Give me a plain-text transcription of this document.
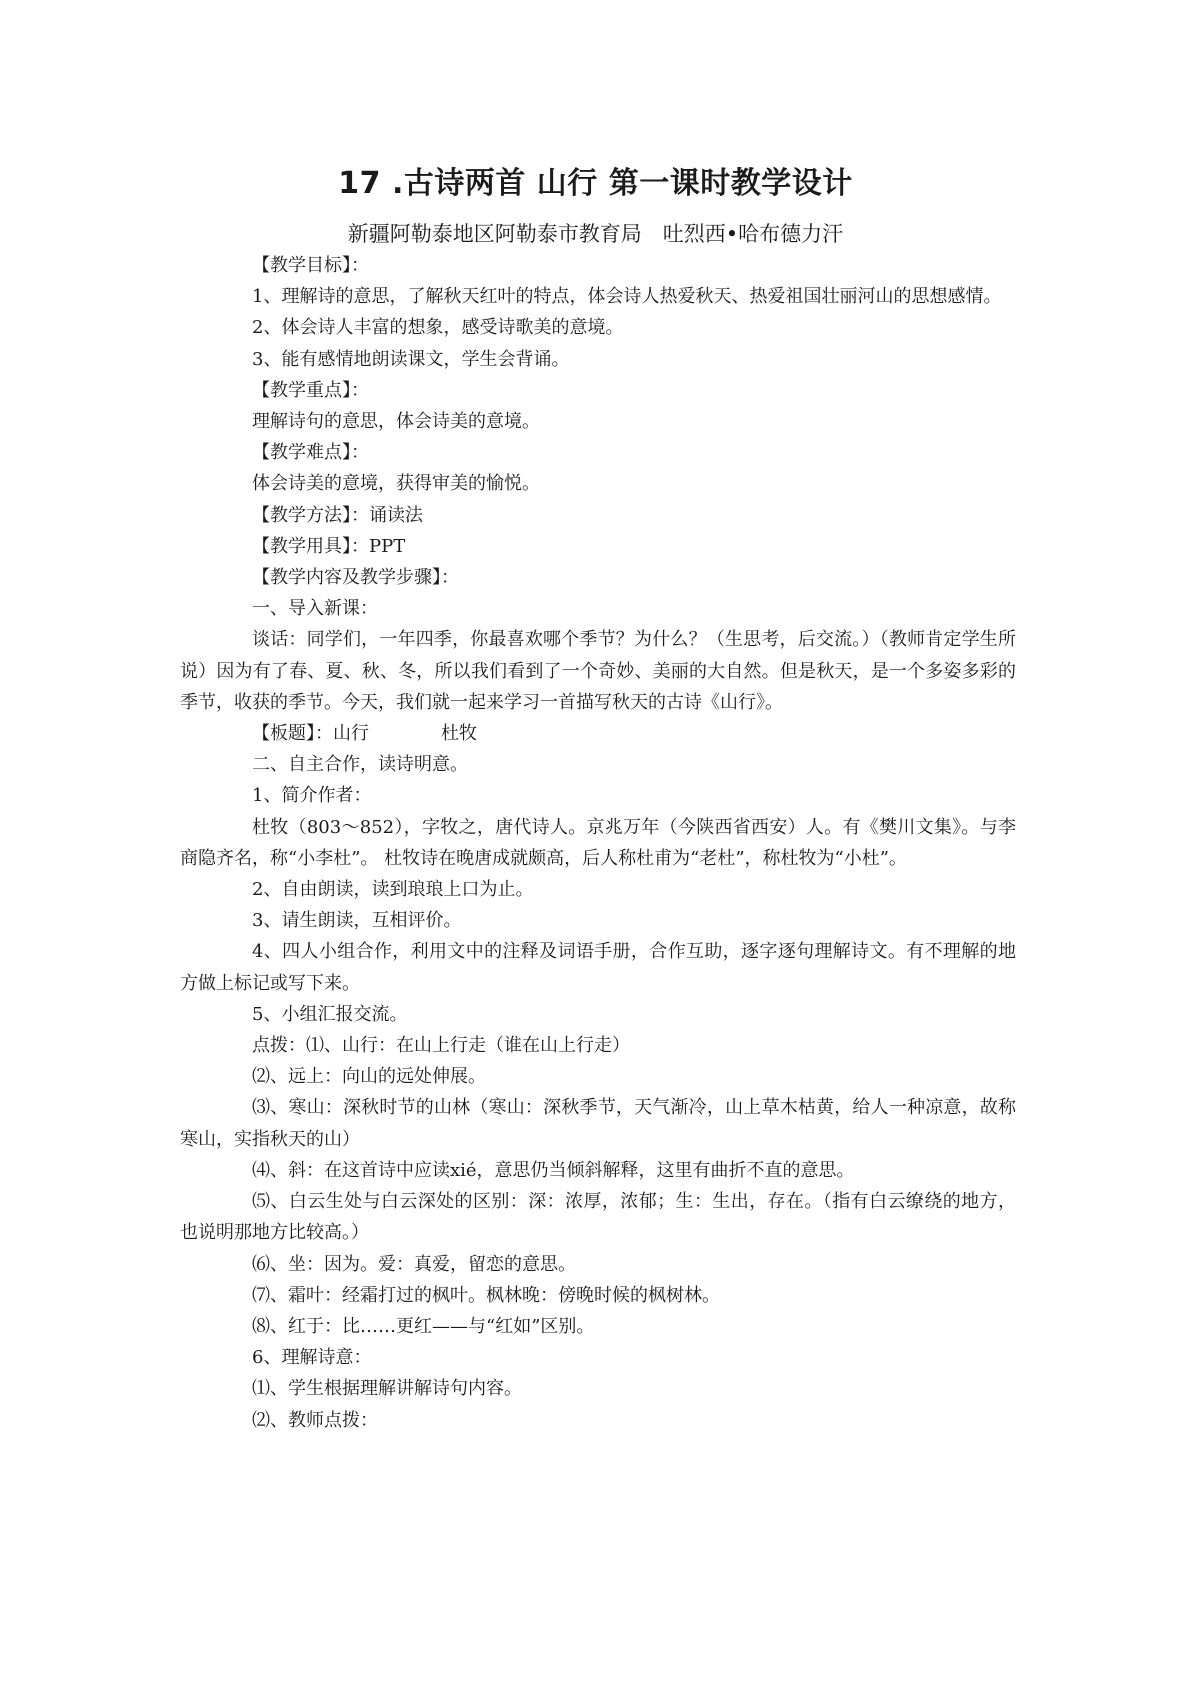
17 .古诗两首 山行 第一课时教学设计
新疆阿勒泰地区阿勒泰市教育局　吐烈西•哈布德力汗

【教学目标】：

1、理解诗的意思，了解秋天红叶的特点，体会诗人热爱秋天、热爱祖国壮丽河山的思想感情。

2、体会诗人丰富的想象，感受诗歌美的意境。

3、能有感情地朗读课文，学生会背诵。

【教学重点】：

理解诗句的意思，体会诗美的意境。

【教学难点】：

体会诗美的意境，获得审美的愉悦。

【教学方法】：诵读法

【教学用具】：PPT

【教学内容及教学步骤】：

一、导入新课：

谈话：同学们，一年四季，你最喜欢哪个季节？为什么？（生思考，后交流。）（教师肯定学生所说）因为有了春、夏、秋、冬，所以我们看到了一个奇妙、美丽的大自然。但是秋天，是一个多姿多彩的季节，收获的季节。今天，我们就一起来学习一首描写秋天的古诗《山行》。

【板题】：山行　　　　杜牧

二、自主合作，读诗明意。

1、简介作者：

杜牧（803～852），字牧之，唐代诗人。京兆万年（今陕西省西安）人。有《樊川文集》。与李商隐齐名，称“小李杜”。 杜牧诗在晚唐成就颇高，后人称杜甫为“老杜”，称杜牧为“小杜”。

2、自由朗读，读到琅琅上口为止。

3、请生朗读，互相评价。

4、四人小组合作，利用文中的注释及词语手册，合作互助，逐字逐句理解诗文。有不理解的地方做上标记或写下来。

5、小组汇报交流。

点拨：⑴、山行：在山上行走（谁在山上行走）

⑵、远上：向山的远处伸展。

⑶、寒山：深秋时节的山林（寒山：深秋季节，天气渐冷，山上草木枯黄，给人一种凉意，故称寒山，实指秋天的山）

⑷、斜：在这首诗中应读xié，意思仍当倾斜解释，这里有曲折不直的意思。

⑸、白云生处与白云深处的区别：深：浓厚，浓郁；生：生出，存在。（指有白云缭绕的地方，也说明那地方比较高。）

⑹、坐：因为。爱：真爱，留恋的意思。

⑺、霜叶：经霜打过的枫叶。枫林晚：傍晚时候的枫树林。

⑻、红于：比……更红——与“红如”区别。

6、理解诗意：

⑴、学生根据理解讲解诗句内容。

⑵、教师点拨：
